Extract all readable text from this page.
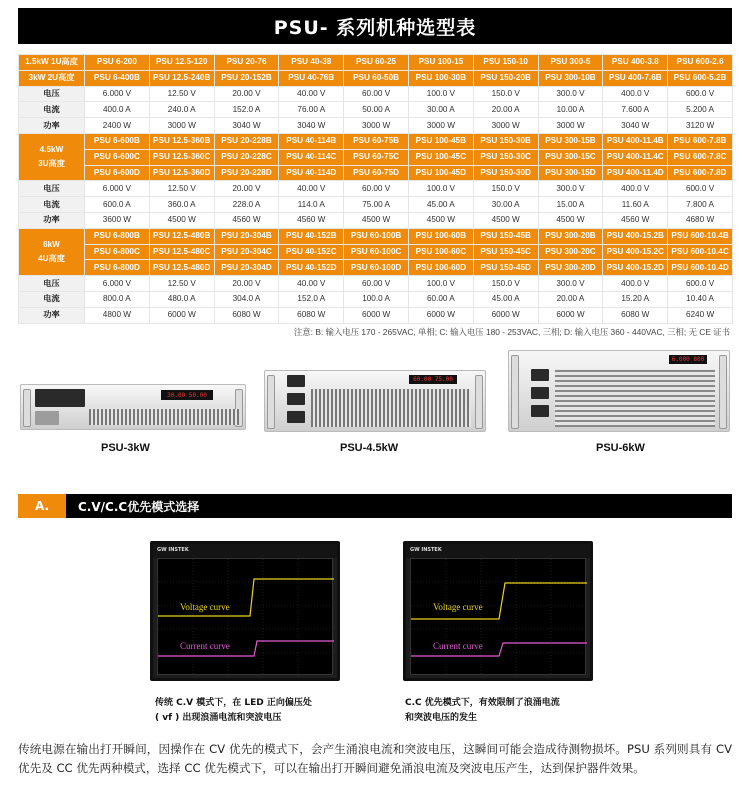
PSU- 系列机种选型表
1.5kW 1U高度	PSU 6-200	PSU 12.5-120	PSU 20-76	PSU 40-38	PSU 60-25	PSU 100-15	PSU 150-10	PSU 300-5	PSU 400-3.8	PSU 600-2.6
3kW 2U高度	PSU 6-400B	PSU 12.5-240B	PSU 20-152B	PSU 40-76B	PSU 60-50B	PSU 100-30B	PSU 150-20B	PSU 300-10B	PSU 400-7.6B	PSU 600-5.2B
电压	6.000 V	12.50 V	20.00 V	40.00 V	60.00 V	100.0 V	150.0 V	300.0 V	400.0 V	600.0 V
电流	400.0 A	240.0 A	152.0 A	76.00 A	50.00 A	30.00 A	20.00 A	10.00 A	7.600 A	5.200 A
功率	2400 W	3000 W	3040 W	3040 W	3000 W	3000 W	3000 W	3000 W	3040 W	3120 W

4.5kW
3U高度	PSU 6-600B	PSU 12.5-360B	PSU 20-228B	PSU 40-114B	PSU 60-75B	PSU 100-45B	PSU 150-30B	PSU 300-15B	PSU 400-11.4B	PSU 600-7.8B
	PSU 6-600C	PSU 12.5-360C	PSU 20-228C	PSU 40-114C	PSU 60-75C	PSU 100-45C	PSU 150-30C	PSU 300-15C	PSU 400-11.4C	PSU 600-7.8C
	PSU 6-600D	PSU 12.5-360D	PSU 20-228D	PSU 40-114D	PSU 60-75D	PSU 100-45D	PSU 150-30D	PSU 300-15D	PSU 400-11.4D	PSU 600-7.8D
电压	6.000 V	12.50 V	20.00 V	40.00 V	60.00 V	100.0 V	150.0 V	300.0 V	400.0 V	600.0 V
电流	600.0 A	360.0 A	228.0 A	114.0 A	75.00 A	45.00 A	30.00 A	15.00 A	11.60 A	7.800 A
功率	3600 W	4500 W	4560 W	4560 W	4500 W	4500 W	4500 W	4500 W	4560 W	4680 W

6kW
4U高度	PSU 6-800B	PSU 12.5-480B	PSU 20-304B	PSU 40-152B	PSU 60-100B	PSU 100-60B	PSU 150-45B	PSU 300-20B	PSU 400-15.2B	PSU 600-10.4B
	PSU 6-800C	PSU 12.5-480C	PSU 20-304C	PSU 40-152C	PSU 60-100C	PSU 100-60C	PSU 150-45C	PSU 300-20C	PSU 400-15.2C	PSU 600-10.4C
	PSU 6-800D	PSU 12.5-480D	PSU 20-304D	PSU 40-152D	PSU 60-100D	PSU 100-60D	PSU 150-45D	PSU 300-20D	PSU 400-15.2D	PSU 600-10.4D
电压	6.000 V	12.50 V	20.00 V	40.00 V	60.00 V	100.0 V	150.0 V	300.0 V	400.0 V	600.0 V
电流	800.0 A	480.0 A	304.0 A	152.0 A	100.0 A	60.00 A	45.00 A	20.00 A	15.20 A	10.40 A
功率	4800 W	6000 W	6080 W	6080 W	6000 W	6000 W	6000 W	6000 W	6080 W	6240 W
注意: B: 输入电压 170 - 265VAC, 单相; C: 输入电压 180 - 253VAC, 三相; D: 输入电压 360 - 440VAC, 三相; 无 CE 证书
30.00 50.00
60.00 75.00
6.000 800
PSU-3kW	PSU-4.5kW	PSU-6kW
A.	C.V/C.C优先模式选择
GW INSTEK
Voltage curve
Current curve
传统 C.V 模式下，在 LED 正向偏压处
( vf ) 出现浪涌电流和突波电压
GW INSTEK
Voltage curve
Current curve
C.C 优先模式下，有效限制了浪涌电流
和突波电压的发生
传统电源在输出打开瞬间，因操作在 CV 优先的模式下，会产生涌浪电流和突波电压，这瞬间可能会造成待测物损坏。PSU 系列则具有 CV 优先及 CC 优先两种模式，选择 CC 优先模式下，可以在输出打开瞬间避免涌浪电流及突波电压产生，达到保护器件效果。
